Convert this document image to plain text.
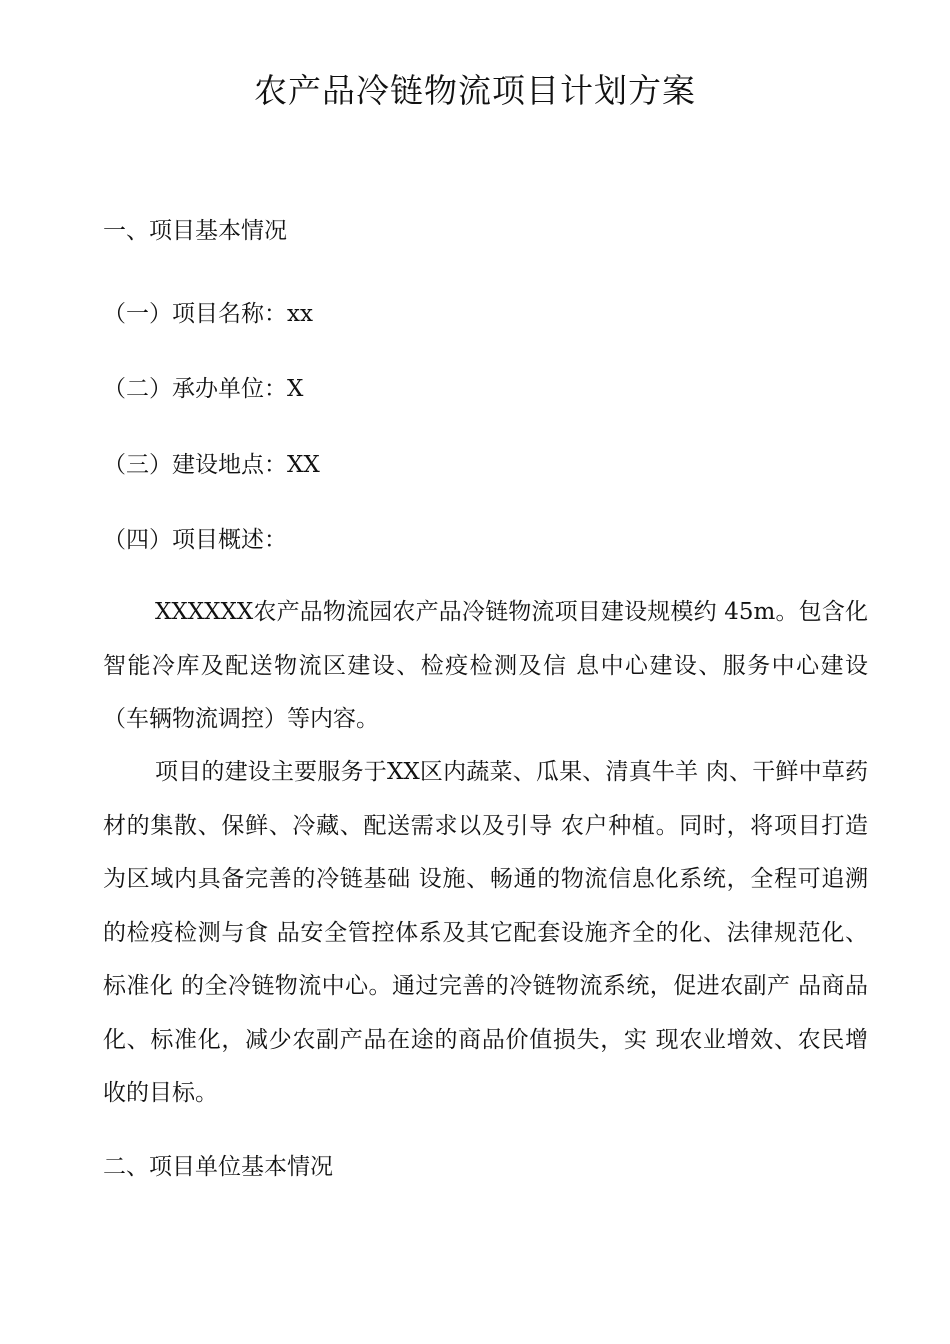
农产品冷链物流项目计划方案
一、项目基本情况
（一）项目名称：xx
（二）承办单位：X
（三）建设地点：XX
（四）项目概述：

XXXXXX农产品物流园农产品冷链物流项目建设规模约 45m。包含化智能冷库及配送物流区建设、检疫检测及信 息中心建设、服务中心建设（车辆物流调控）等内容。

项目的建设主要服务于XX区内蔬菜、瓜果、清真牛羊 肉、干鲜中草药材的集散、保鲜、冷藏、配送需求以及引导 农户种植。同时，将项目打造为区域内具备完善的冷链基础 设施、畅通的物流信息化系统，全程可追溯的检疫检测与食 品安全管控体系及其它配套设施齐全的化、法律规范化、标准化 的全冷链物流中心。通过完善的冷链物流系统，促进农副产 品商品化、标准化，减少农副产品在途的商品价值损失，实 现农业增效、农民增收的目标。

二、项目单位基本情况
